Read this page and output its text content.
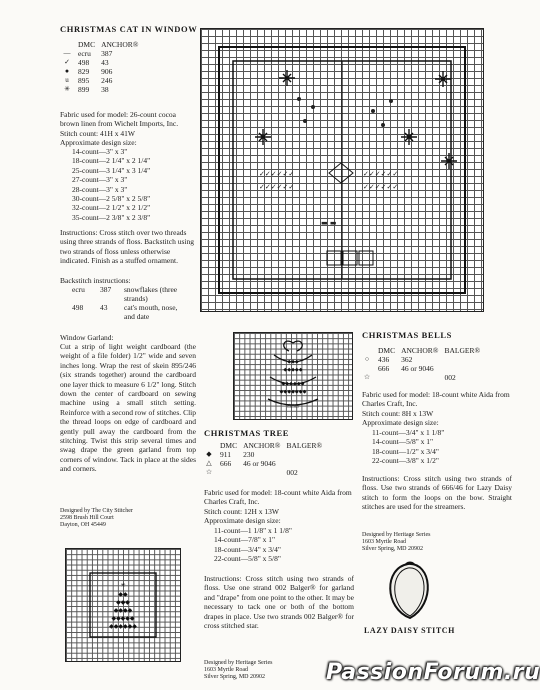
CHRISTMAS CAT IN WINDOW
	DMC	ANCHOR®
—	ecru	387
✓	498	43
●	829	906
u	895	246
✳	899	38
Fabric used for model: 26-count cocoa brown linen from Wichelt Imports, Inc.
Stitch count: 41H x 41W
Approximate design size:
14-count—3" x 3"
18-count—2 1/4" x 2 1/4"
25-count—3 1/4" x 3 1/4"
27-count—3" x 3"
28-count—3" x 3"
30-count—2 5/8" x 2 5/8"
32-count—2 1/2" x 2 1/2"
35-count—2 3/8" x 2 3/8"
Instructions: Cross stitch over two threads using three strands of floss. Backstitch using two strands of floss unless otherwise indicated. Finish as a stuffed ornament.
Backstitch instructions:
ecru	387	snowflakes (three strands)
498	43	cat's mouth, nose, and date
Window Garland:
Cut a strip of light weight cardboard (the weight of a file folder) 1/2" wide and seven inches long. Wrap the rest of skein 895/246 (six strands together) around the cardboard one layer thick to measure 6 1/2" long. Stitch down the center of cardboard on sewing machine using a small stitch setting. Reinforce with a second row of stitches. Clip the thread loops on edge of cardboard and gently pull away the cardboard from the stitching. Twist this strip several times and swag drape the green garland from top corners of window. Tack in place at the sides and corners.
Designed by The City Stitcher
2598 Brush Hill Court
Dayton, OH 45449
✓✓✓✓✓✓
✓✓✓✓✓✓
✓✓✓✓✓✓
✓✓✓✓✓✓
▬ ▬
✳
◆◆
◆◆◆
◆◆◆◆
◆◆◆◆◆
◆◆◆◆◆◆
◆◆◆
◆◆◆◆◆
◆◆◆◆◆◆
◆◆◆◆◆◆◆
△△△
CHRISTMAS TREE
	DMC	ANCHOR®	BALGER®
◆	911	230	
△	666	46 or 9046	
☆			002
Fabric used for model: 18-count white Aida from Charles Craft, Inc.
Stitch count: 12H x 13W
Approximate design size:
11-count—1 1/8" x 1 1/8"
14-count—7/8" x 1"
18-count—3/4" x 3/4"
22-count—5/8" x 5/8"
Instructions: Cross stitch using two strands of floss. Use one strand 002 Balger® for garland and "drape" from one point to the other. It may be necessary to tack one or both of the bottom drapes in place. Use two strands 002 Balger® for cross stitched star.
Designed by Heritage Series
1603 Myrtle Road
Silver Spring, MD 20902
CHRISTMAS BELLS
	DMC	ANCHOR®	BALGER®
○	436	362	
	666	46 or 9046	
☆			002
Fabric used for model: 18-count white Aida from Charles Craft, Inc.
Stitch count: 8H x 13W
Approximate design size:
11-count—3/4" x 1 1/8"
14-count—5/8" x 1"
18-count—1/2" x 3/4"
22-count—3/8" x 1/2"
Instructions: Cross stitch using two strands of floss. Use two strands of 666/46 for Lazy Daisy stitch to form the loops on the bow. Straight stitches are used for the streamers.
Designed by Heritage Series
1603 Myrtle Road
Silver Spring, MD 20902
LAZY DAISY STITCH
PassionForum.ru
